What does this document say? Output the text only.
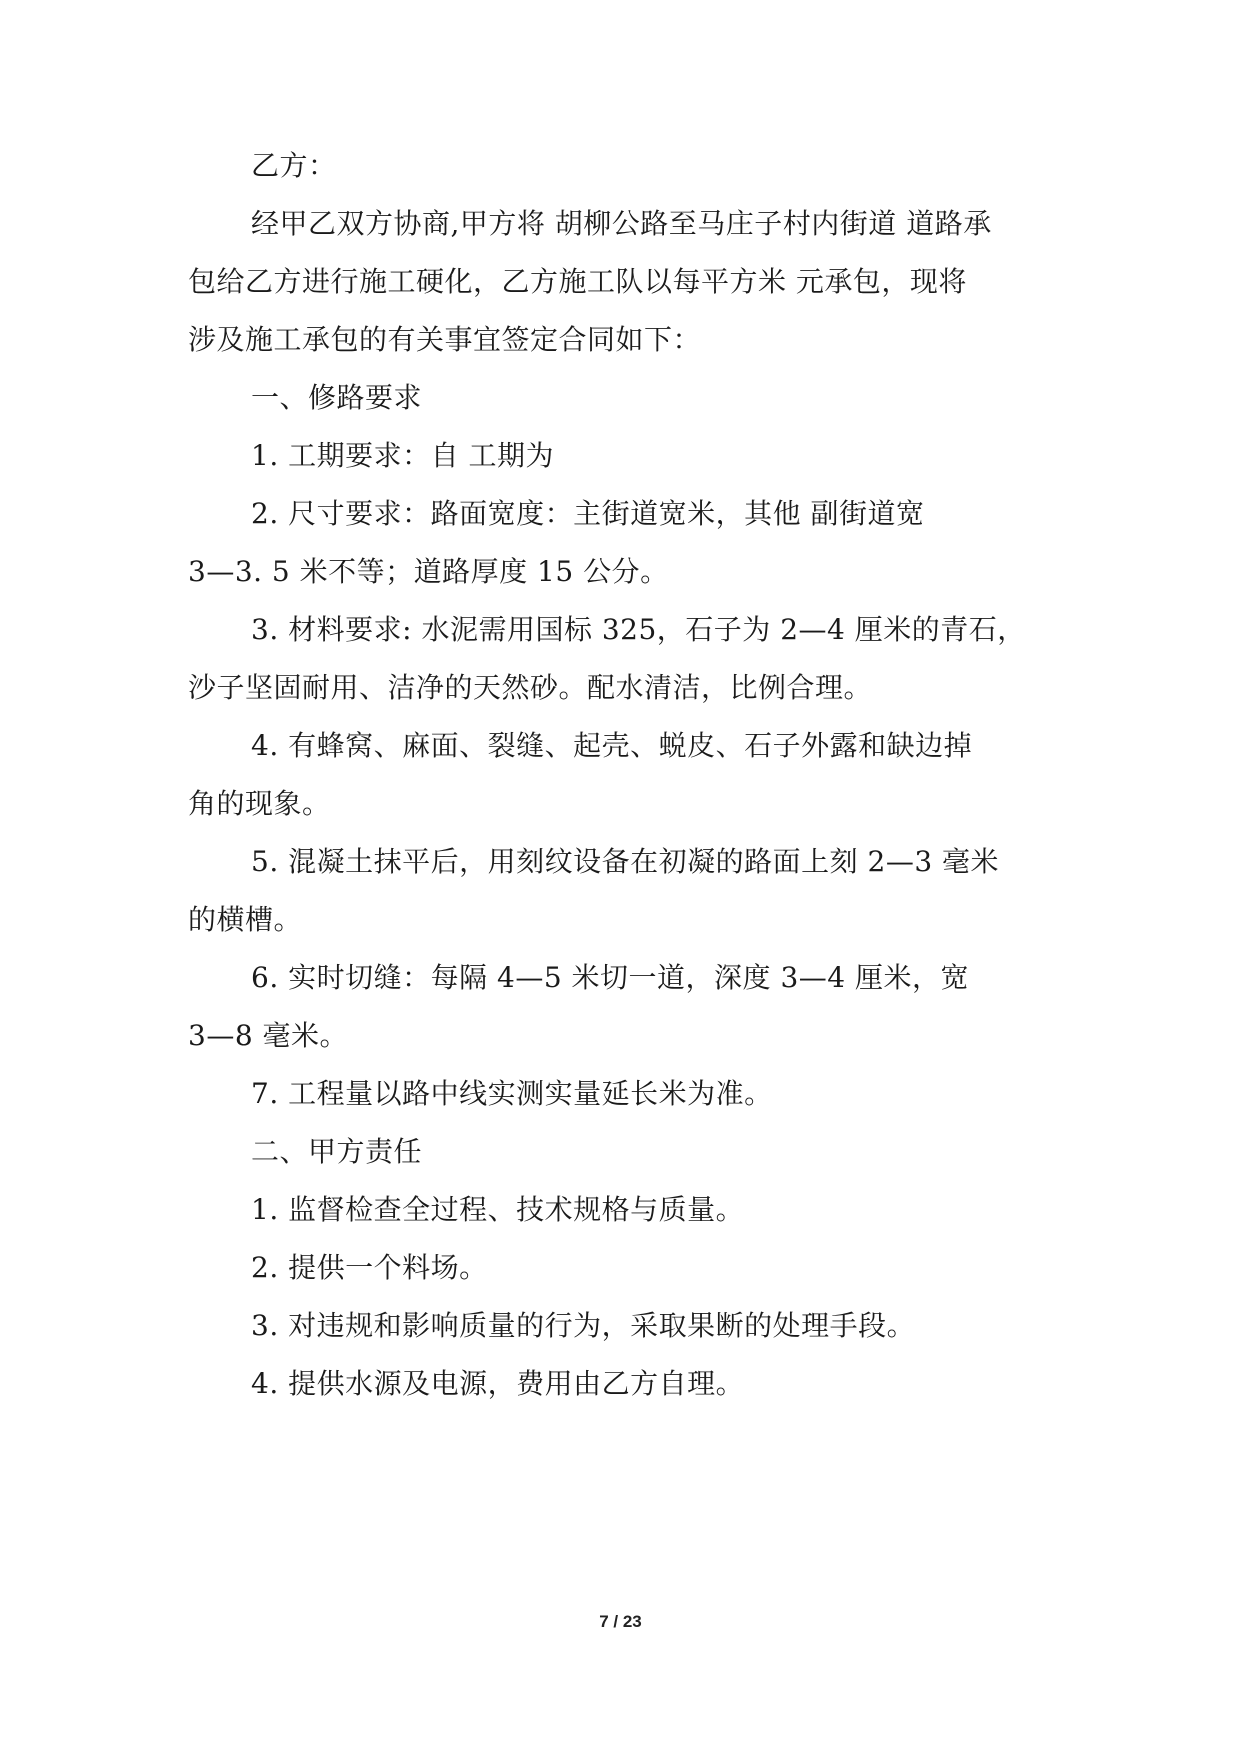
乙方：
经甲乙双方协商,甲方将 胡柳公路至马庄子村内街道 道路承
包给乙方进行施工硬化，乙方施工队以每平方米 元承包，现将
涉及施工承包的有关事宜签定合同如下：
一、修路要求
1. 工期要求：自 工期为
2. 尺寸要求：路面宽度：主街道宽米，其他 副街道宽
3—3. 5 米不等；道路厚度 15 公分。
3. 材料要求: 水泥需用国标 325，石子为 2—4 厘米的青石，
沙子坚固耐用、洁净的天然砂。配水清洁，比例合理。
4. 有蜂窝、麻面、裂缝、起壳、蜕皮、石子外露和缺边掉
角的现象。
5. 混凝土抹平后，用刻纹设备在初凝的路面上刻 2—3 毫米
的横槽。
6. 实时切缝：每隔 4—5 米切一道，深度 3—4 厘米，宽
3—8 毫米。
7. 工程量以路中线实测实量延长米为准。
二、甲方责任
1. 监督检查全过程、技术规格与质量。
2. 提供一个料场。
3. 对违规和影响质量的行为，采取果断的处理手段。
4. 提供水源及电源，费用由乙方自理。
7 / 23
